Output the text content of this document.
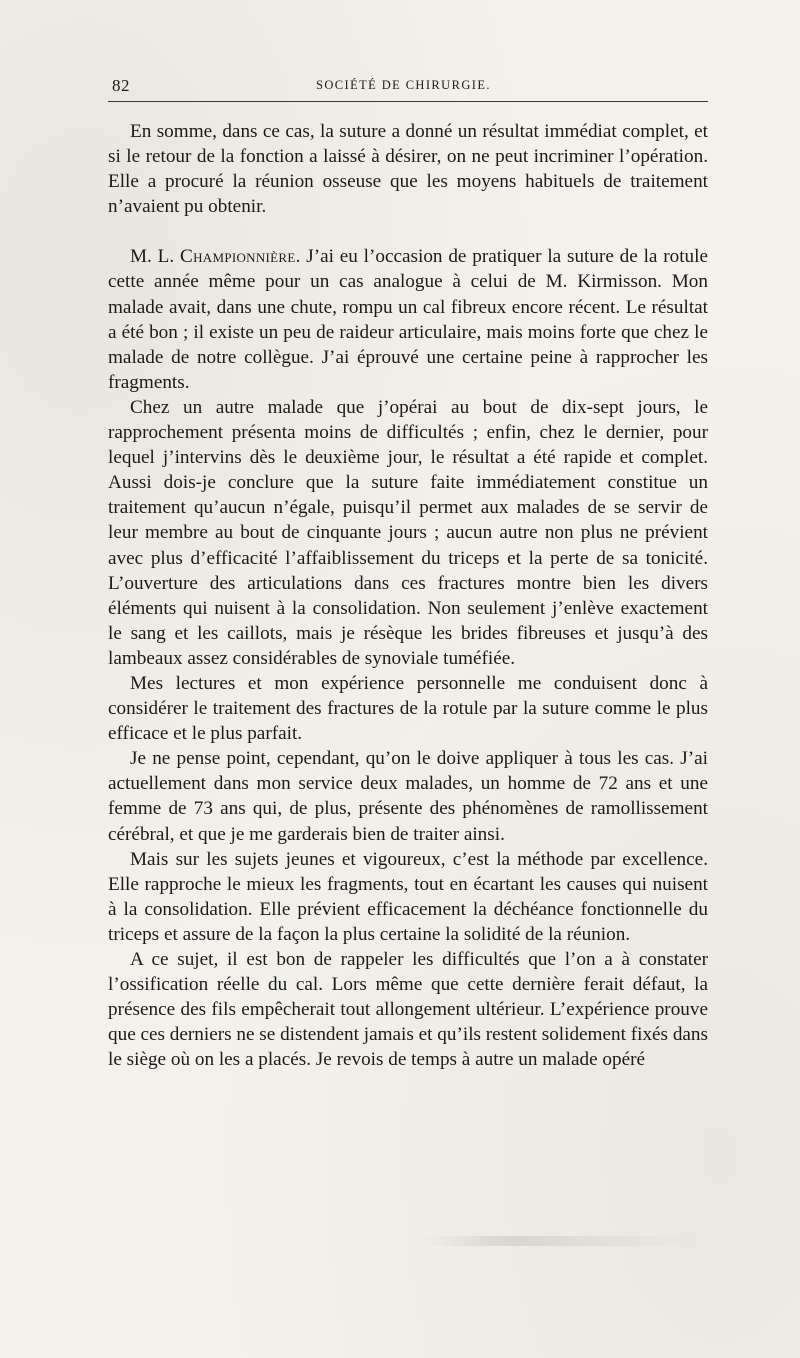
82	SOCIÉTÉ DE CHIRURGIE.

En somme, dans ce cas, la suture a donné un résultat immédiat complet, et si le retour de la fonction a laissé à désirer, on ne peut incriminer l’opération. Elle a procuré la réunion osseuse que les moyens habituels de traitement n’avaient pu obtenir.

M. L. Championnière. J’ai eu l’occasion de pratiquer la suture de la rotule cette année même pour un cas analogue à celui de M. Kirmisson. Mon malade avait, dans une chute, rompu un cal fibreux encore récent. Le résultat a été bon ; il existe un peu de raideur articulaire, mais moins forte que chez le malade de notre collègue. J’ai éprouvé une certaine peine à rapprocher les fragments.

Chez un autre malade que j’opérai au bout de dix-sept jours, le rapprochement présenta moins de difficultés ; enfin, chez le dernier, pour lequel j’intervins dès le deuxième jour, le résultat a été rapide et complet. Aussi dois-je conclure que la suture faite immédiatement constitue un traitement qu’aucun n’égale, puisqu’il permet aux malades de se servir de leur membre au bout de cinquante jours ; aucun autre non plus ne prévient avec plus d’efficacité l’affaiblissement du triceps et la perte de sa tonicité. L’ouverture des articulations dans ces fractures montre bien les divers éléments qui nuisent à la consolidation. Non seulement j’enlève exactement le sang et les caillots, mais je résèque les brides fibreuses et jusqu’à des lambeaux assez considérables de synoviale tuméfiée.

Mes lectures et mon expérience personnelle me conduisent donc à considérer le traitement des fractures de la rotule par la suture comme le plus efficace et le plus parfait.

Je ne pense point, cependant, qu’on le doive appliquer à tous les cas. J’ai actuellement dans mon service deux malades, un homme de 72 ans et une femme de 73 ans qui, de plus, présente des phénomènes de ramollissement cérébral, et que je me garderais bien de traiter ainsi.

Mais sur les sujets jeunes et vigoureux, c’est la méthode par excellence. Elle rapproche le mieux les fragments, tout en écartant les causes qui nuisent à la consolidation. Elle prévient efficacement la déchéance fonctionnelle du triceps et assure de la façon la plus certaine la solidité de la réunion.

A ce sujet, il est bon de rappeler les difficultés que l’on a à constater l’ossification réelle du cal. Lors même que cette dernière ferait défaut, la présence des fils empêcherait tout allongement ultérieur. L’expérience prouve que ces derniers ne se distendent jamais et qu’ils restent solidement fixés dans le siège où on les a placés. Je revois de temps à autre un malade opéré
